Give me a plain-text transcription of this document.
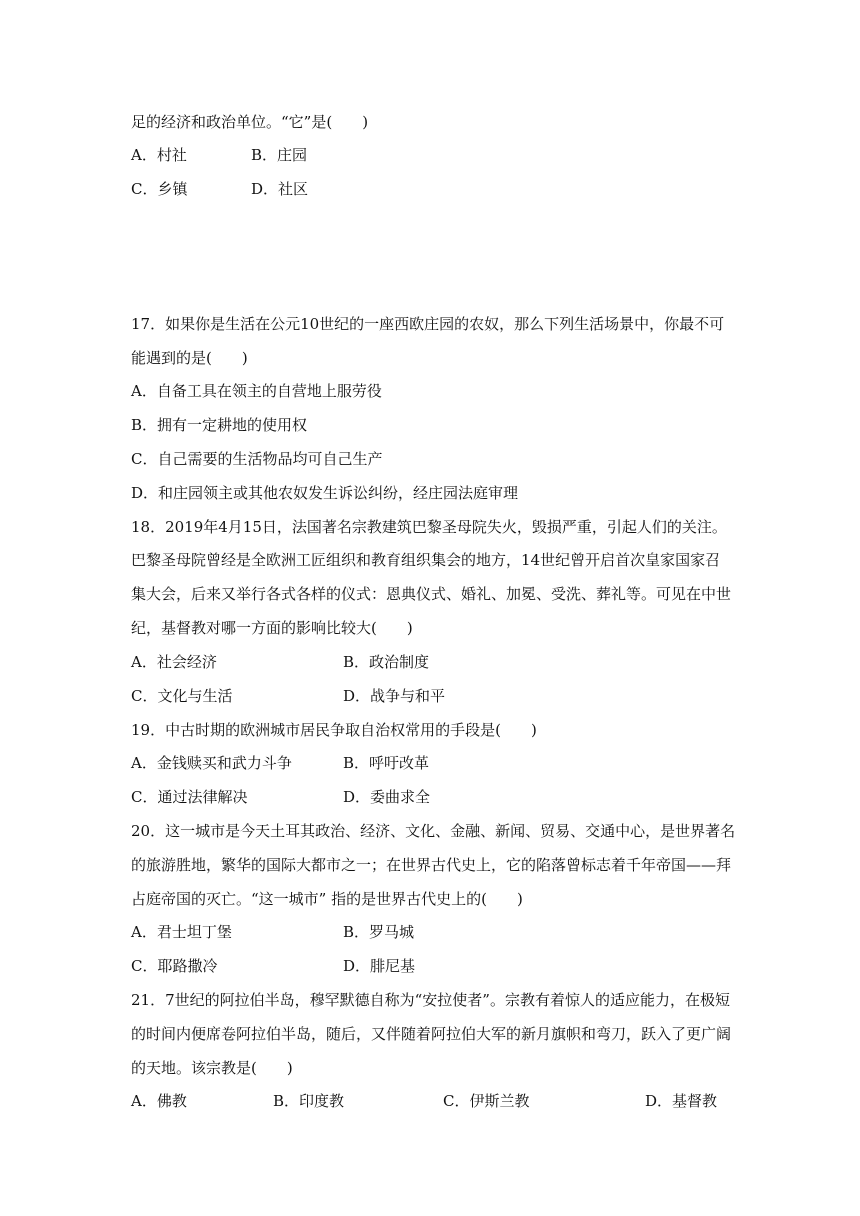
足的经济和政治单位。“它”是(　　)
A．村社	B．庄园
C．乡镇	D．社区
17．如果你是生活在公元10世纪的一座西欧庄园的农奴，那么下列生活场景中，你最不可
能遇到的是(　　)
A．自备工具在领主的自营地上服劳役
B．拥有一定耕地的使用权
C．自己需要的生活物品均可自己生产
D．和庄园领主或其他农奴发生诉讼纠纷，经庄园法庭审理
18．2019年4月15日，法国著名宗教建筑巴黎圣母院失火，毁损严重，引起人们的关注。
巴黎圣母院曾经是全欧洲工匠组织和教育组织集会的地方，14世纪曾开启首次皇家国家召
集大会，后来又举行各式各样的仪式：恩典仪式、婚礼、加冕、受洗、葬礼等。可见在中世
纪，基督教对哪一方面的影响比较大(　　)
A．社会经济	B．政治制度
C．文化与生活	D．战争与和平
19．中古时期的欧洲城市居民争取自治权常用的手段是(　　)
A．金钱赎买和武力斗争	B．呼吁改革
C．通过法律解决	D．委曲求全
20．这一城市是今天土耳其政治、经济、文化、金融、新闻、贸易、交通中心，是世界著名
的旅游胜地，繁华的国际大都市之一；在世界古代史上，它的陷落曾标志着千年帝国——拜
占庭帝国的灭亡。“这一城市” 指的是世界古代史上的(　　)
A．君士坦丁堡	B．罗马城
C．耶路撒冷	D．腓尼基
21．7世纪的阿拉伯半岛，穆罕默德自称为“安拉使者”。宗教有着惊人的适应能力，在极短
的时间内便席卷阿拉伯半岛，随后，又伴随着阿拉伯大军的新月旗帜和弯刀，跃入了更广阔
的天地。该宗教是(　　)
A．佛教	B．印度教	C．伊斯兰教	D．基督教
